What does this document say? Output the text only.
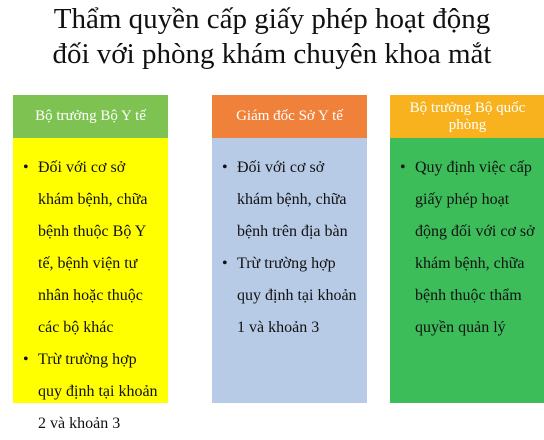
Thẩm quyền cấp giấy phép hoạt động
đối với phòng khám chuyên khoa mắt
Bộ trưởng Bộ Y tế
• Đối với cơ sở khám bệnh, chữa bệnh thuộc Bộ Y tế, bệnh viện tư nhân hoặc thuộc các bộ khác
• Trừ trường hợp quy định tại khoản 2 và khoản 3
Giám đốc Sở Y tế
• Đối với cơ sở khám bệnh, chữa bệnh trên địa bàn
• Trừ trường hợp quy định tại khoản 1 và khoản 3
Bộ trưởng Bộ quốc phòng
• Quy định việc cấp giấy phép hoạt động đối với cơ sở khám bệnh, chữa bệnh thuộc thẩm quyền quản lý
